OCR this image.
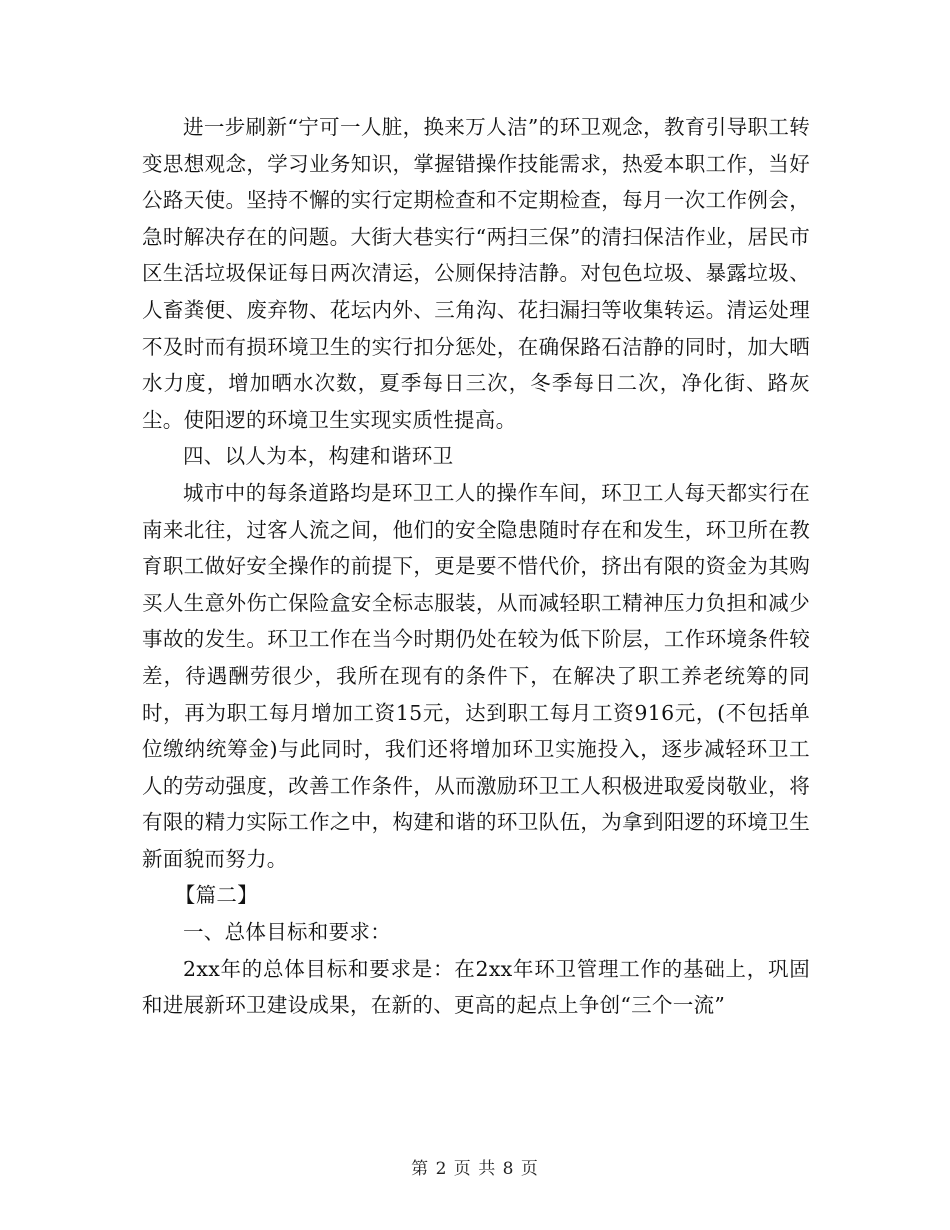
进一步刷新“宁可一人脏，换来万人洁”的环卫观念，教育引导职工转变思想观念，学习业务知识，掌握错操作技能需求，热爱本职工作，当好公路天使。坚持不懈的实行定期检查和不定期检查，每月一次工作例会，急时解决存在的问题。大街大巷实行“两扫三保”的清扫保洁作业，居民市区生活垃圾保证每日两次清运，公厕保持洁静。对包色垃圾、暴露垃圾、人畜粪便、废弃物、花坛内外、三角沟、花扫漏扫等收集转运。清运处理不及时而有损环境卫生的实行扣分惩处，在确保路石洁静的同时，加大晒水力度，增加晒水次数，夏季每日三次，冬季每日二次，净化街、路灰尘。使阳逻的环境卫生实现实质性提高。

四、以人为本，构建和谐环卫

城市中的每条道路均是环卫工人的操作车间，环卫工人每天都实行在南来北往，过客人流之间，他们的安全隐患随时存在和发生，环卫所在教育职工做好安全操作的前提下，更是要不惜代价，挤出有限的资金为其购买人生意外伤亡保险盒安全标志服装，从而减轻职工精神压力负担和减少事故的发生。环卫工作在当今时期仍处在较为低下阶层，工作环境条件较差，待遇酬劳很少，我所在现有的条件下，在解决了职工养老统筹的同时，再为职工每月增加工资15元，达到职工每月工资916元，(不包括单位缴纳统筹金)与此同时，我们还将增加环卫实施投入，逐步减轻环卫工人的劳动强度，改善工作条件，从而激励环卫工人积极进取爱岗敬业，将有限的精力实际工作之中，构建和谐的环卫队伍，为拿到阳逻的环境卫生新面貌而努力。

【篇二】

一、总体目标和要求：

2xx年的总体目标和要求是：在2xx年环卫管理工作的基础上，巩固和进展新环卫建设成果，在新的、更高的起点上争创“三个一流”

第 2 页 共 8 页
